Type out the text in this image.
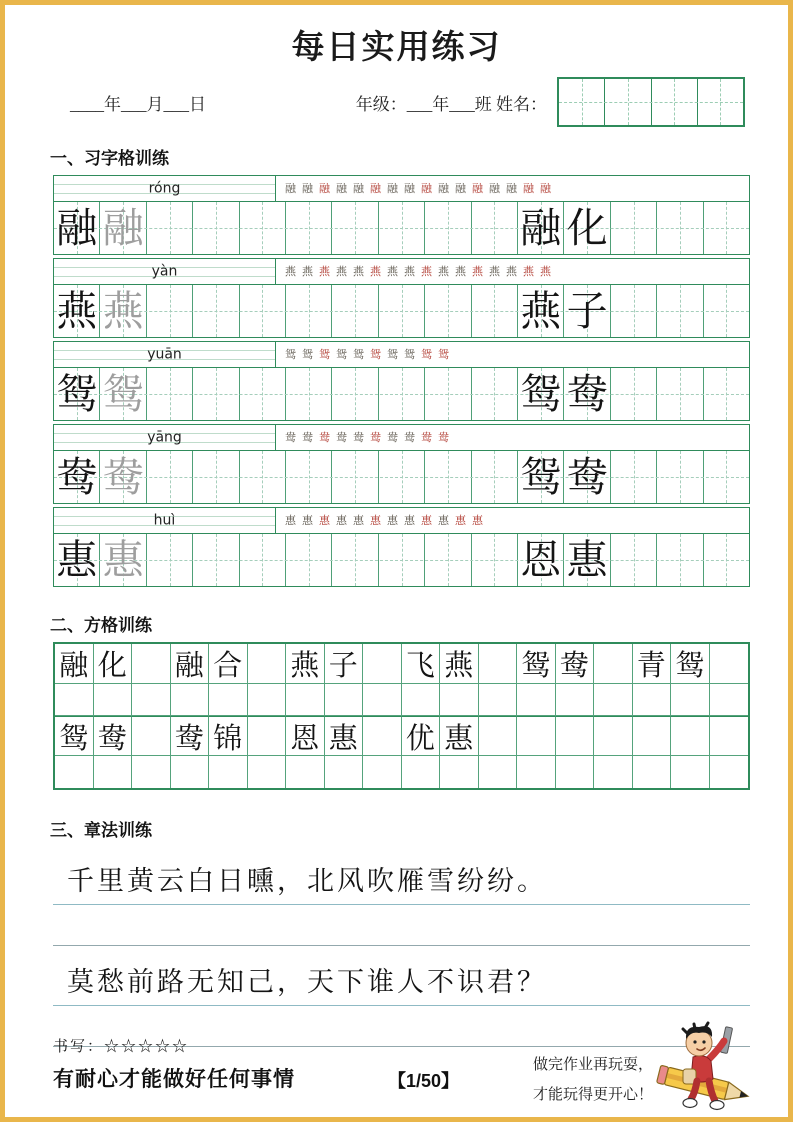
每日实用练习
____年___月___日	年级：___年___班 姓名：
一、习字格训练
róng	融 融 融 融 融 融 融 融 融 融 融 融 融 融 融 融
融 融	融 化
yàn	燕 燕 燕 燕 燕 燕 燕 燕 燕 燕 燕 燕 燕 燕 燕 燕
燕 燕	燕 子
yuān	鸳 鸳 鸳 鸳 鸳 鸳 鸳 鸳 鸳 鸳
鸳 鸳	鸳 鸯
yāng	鸯 鸯 鸯 鸯 鸯 鸯 鸯 鸯 鸯 鸯
鸯 鸯	鸳 鸯
huì	惠 惠 惠 惠 惠 惠 惠 惠 惠 惠 惠 惠
惠 惠	恩 惠
二、方格训练
融 化 融 合 燕 子 飞 燕 鸳 鸯 青 鸳
鸳 鸯 鸯 锦 恩 惠 优 惠
三、章法训练
千里黄云白日曛，北风吹雁雪纷纷。
莫愁前路无知己，天下谁人不识君？
书写：☆☆☆☆☆
有耐心才能做好任何事情	【1/50】
做完作业再玩耍，
才能玩得更开心！
